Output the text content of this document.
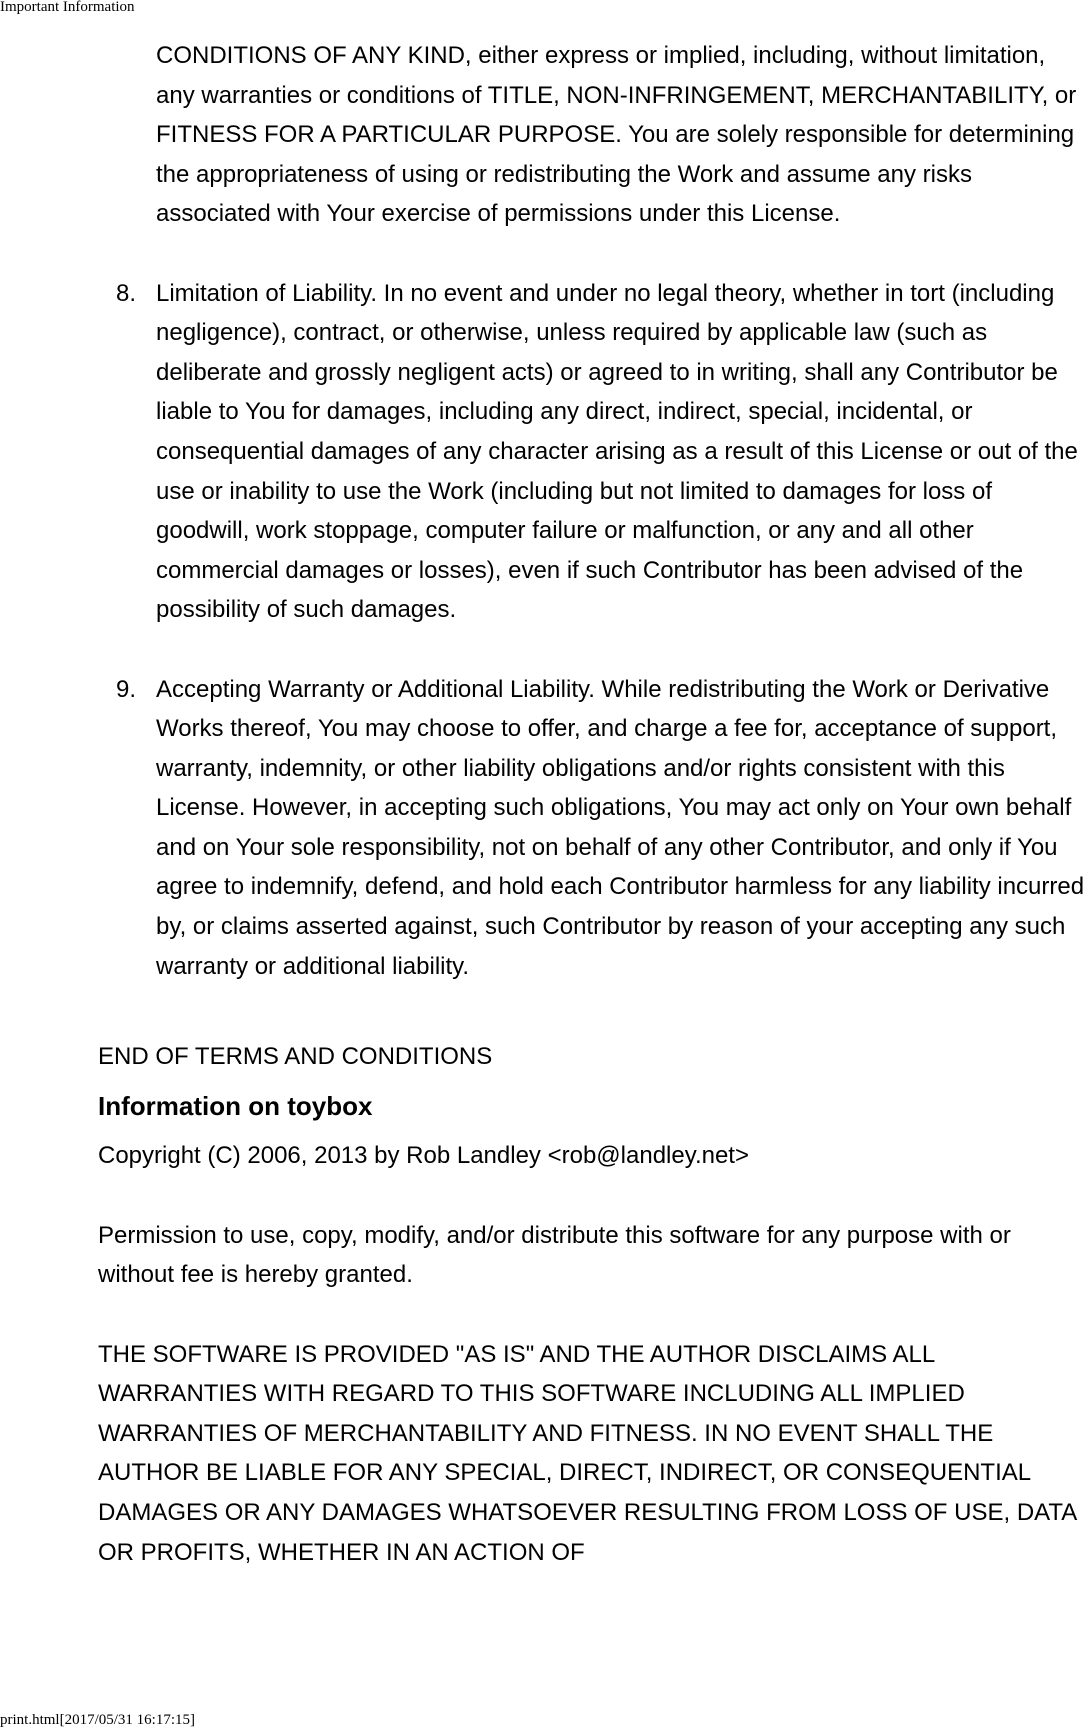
Important Information
CONDITIONS OF ANY KIND, either express or implied, including, without limitation, any warranties or conditions of TITLE, NON-INFRINGEMENT, MERCHANTABILITY, or FITNESS FOR A PARTICULAR PURPOSE. You are solely responsible for determining the appropriateness of using or redistributing the Work and assume any risks associated with Your exercise of permissions under this License.
8. Limitation of Liability. In no event and under no legal theory, whether in tort (including negligence), contract, or otherwise, unless required by applicable law (such as deliberate and grossly negligent acts) or agreed to in writing, shall any Contributor be liable to You for damages, including any direct, indirect, special, incidental, or consequential damages of any character arising as a result of this License or out of the use or inability to use the Work (including but not limited to damages for loss of goodwill, work stoppage, computer failure or malfunction, or any and all other commercial damages or losses), even if such Contributor has been advised of the possibility of such damages.
9. Accepting Warranty or Additional Liability. While redistributing the Work or Derivative Works thereof, You may choose to offer, and charge a fee for, acceptance of support, warranty, indemnity, or other liability obligations and/or rights consistent with this License. However, in accepting such obligations, You may act only on Your own behalf and on Your sole responsibility, not on behalf of any other Contributor, and only if You agree to indemnify, defend, and hold each Contributor harmless for any liability incurred by, or claims asserted against, such Contributor by reason of your accepting any such warranty or additional liability.
END OF TERMS AND CONDITIONS
Information on toybox
Copyright (C) 2006, 2013 by Rob Landley <rob@landley.net>
Permission to use, copy, modify, and/or distribute this software for any purpose with or without fee is hereby granted.
THE SOFTWARE IS PROVIDED "AS IS" AND THE AUTHOR DISCLAIMS ALL WARRANTIES WITH REGARD TO THIS SOFTWARE INCLUDING ALL IMPLIED WARRANTIES OF MERCHANTABILITY AND FITNESS. IN NO EVENT SHALL THE AUTHOR BE LIABLE FOR ANY SPECIAL, DIRECT, INDIRECT, OR CONSEQUENTIAL DAMAGES OR ANY DAMAGES WHATSOEVER RESULTING FROM LOSS OF USE, DATA OR PROFITS, WHETHER IN AN ACTION OF
print.html[2017/05/31 16:17:15]
